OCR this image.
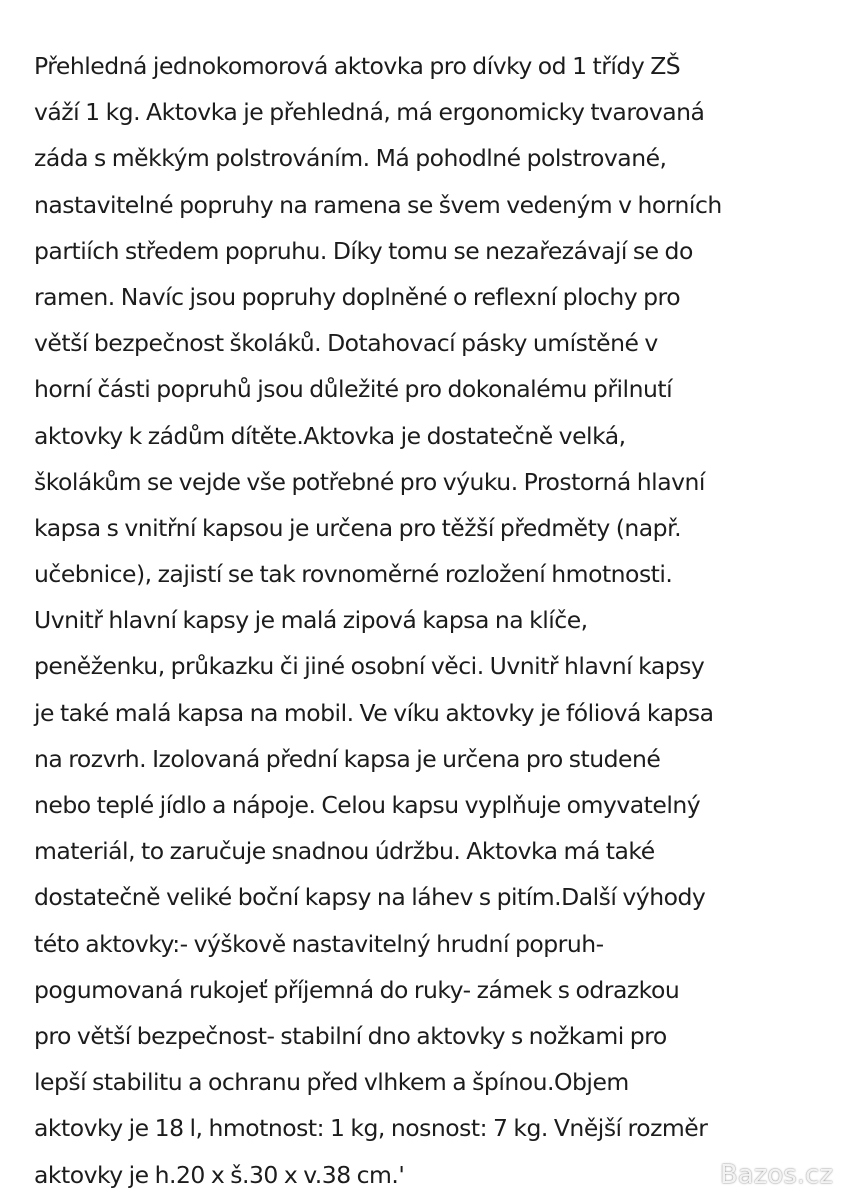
Přehledná jednokomorová aktovka pro dívky od 1 třídy ZŠ
váží 1 kg. Aktovka je přehledná, má ergonomicky tvarovaná
záda s měkkým polstrováním. Má pohodlné polstrované,
nastavitelné popruhy na ramena se švem vedeným v horních
partiích středem popruhu. Díky tomu se nezařezávají se do
ramen. Navíc jsou popruhy doplněné o reflexní plochy pro
větší bezpečnost školáků. Dotahovací pásky umístěné v
horní části popruhů jsou důležité pro dokonalému přilnutí
aktovky k zádům dítěte.Aktovka je dostatečně velká,
školákům se vejde vše potřebné pro výuku. Prostorná hlavní
kapsa s vnitřní kapsou je určena pro těžší předměty (např.
učebnice), zajistí se tak rovnoměrné rozložení hmotnosti.
Uvnitř hlavní kapsy je malá zipová kapsa na klíče,
peněženku, průkazku či jiné osobní věci. Uvnitř hlavní kapsy
je také malá kapsa na mobil. Ve víku aktovky je fóliová kapsa
na rozvrh. Izolovaná přední kapsa je určena pro studené
nebo teplé jídlo a nápoje. Celou kapsu vyplňuje omyvatelný
materiál, to zaručuje snadnou údržbu. Aktovka má také
dostatečně veliké boční kapsy na láhev s pitím.Další výhody
této aktovky:- výškově nastavitelný hrudní popruh-
pogumovaná rukojeť příjemná do ruky- zámek s odrazkou
pro větší bezpečnost- stabilní dno aktovky s nožkami pro
lepší stabilitu a ochranu před vlhkem a špínou.Objem
aktovky je 18 l, hmotnost: 1 kg, nosnost: 7 kg. Vnější rozměr
aktovky je h.20 x š.30 x v.38 cm.'	Bazos.cz
